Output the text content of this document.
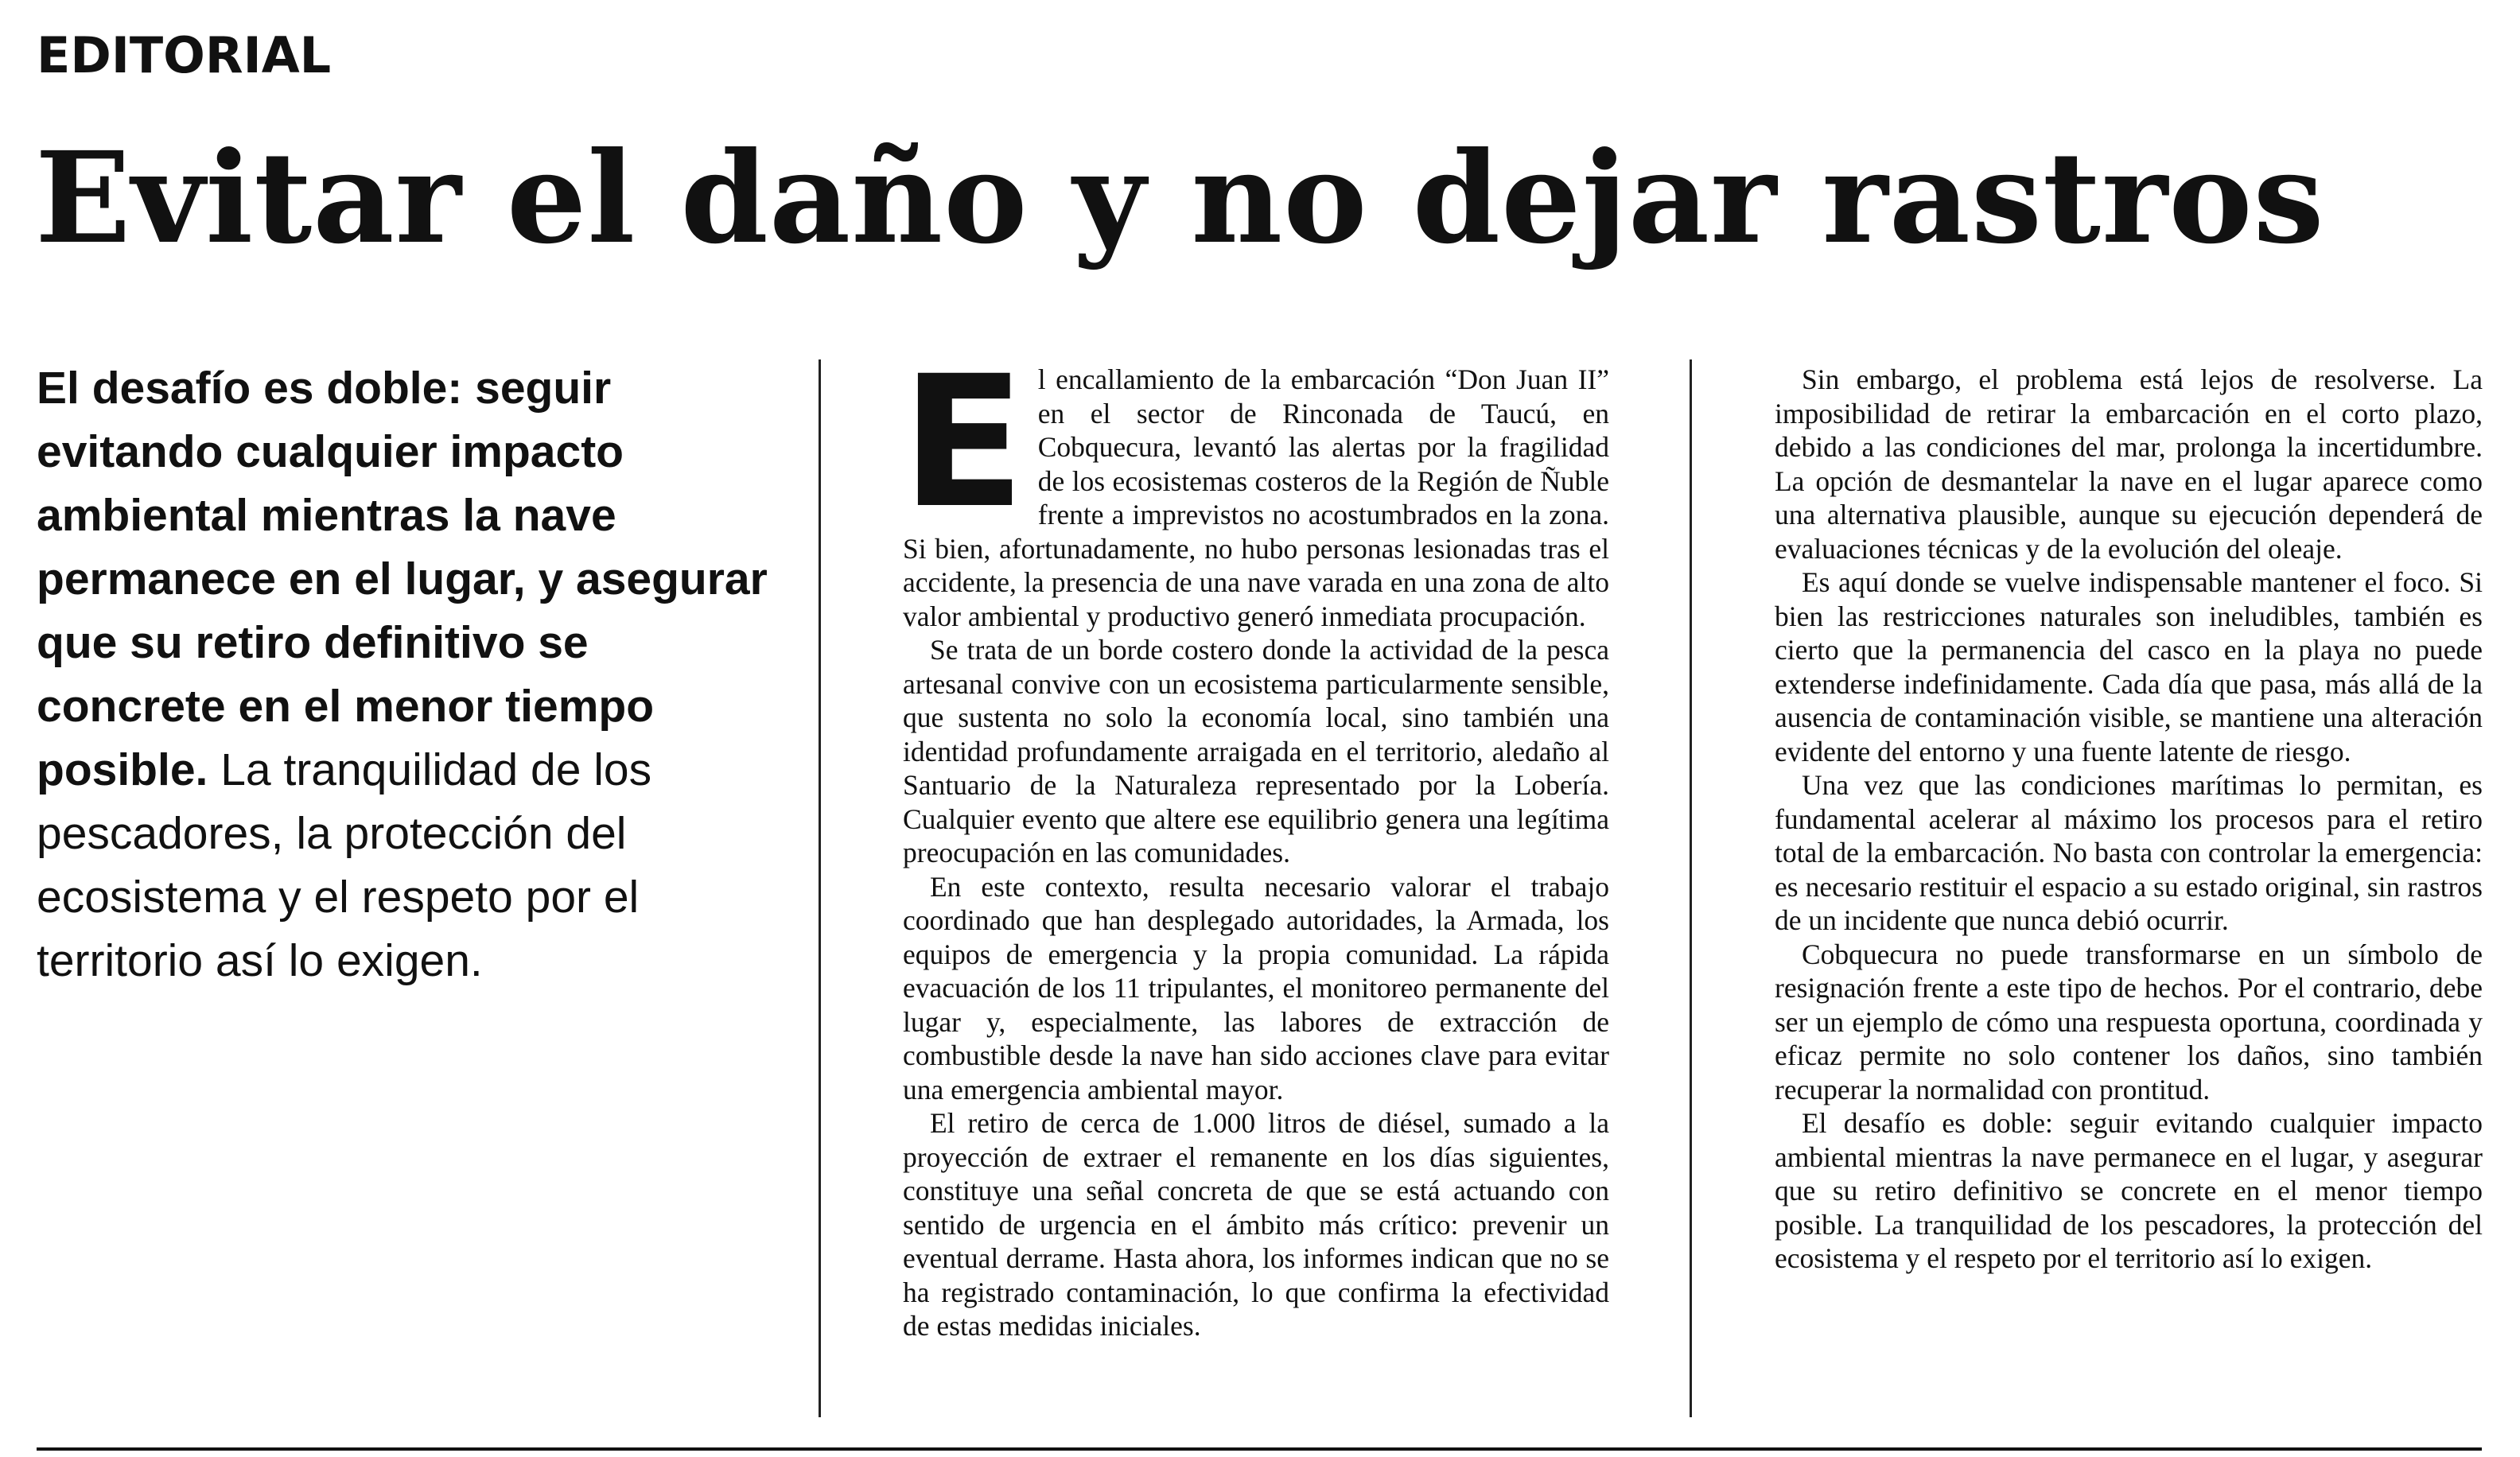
EDITORIAL
Evitar el daño y no dejar rastros

El desafío es doble: seguir evitando cualquier impacto ambiental mientras la nave permanece en el lugar, y asegurar que su retiro definitivo se concrete en el menor tiempo posible. La tranquilidad de los pescadores, la protección del ecosistema y el respeto por el territorio así lo exigen.

E l encallamiento de la embarcación “Don Juan II” en el sector de Rinconada de Taucú, en Cobquecura, levantó las alertas por la fragilidad de los ecosistemas costeros de la Región de Ñuble frente a imprevistos no acostumbrados en la zona. Si bien, afortunadamente, no hubo personas lesionadas tras el accidente, la presencia de una nave varada en una zona de alto valor ambiental y productivo generó inmediata procupación.

Se trata de un borde costero donde la actividad de la pesca artesanal convive con un ecosistema particularmente sensible, que sustenta no solo la economía local, sino también una identidad profundamente arraigada en el territorio, aledaño al Santuario de la Naturaleza representado por la Lobería. Cualquier evento que altere ese equilibrio genera una legítima preocupación en las comunidades.

En este contexto, resulta necesario valorar el trabajo coordinado que han desplegado autoridades, la Armada, los equipos de emergencia y la propia comunidad. La rápida evacuación de los 11 tripulantes, el monitoreo permanente del lugar y, especialmente, las labores de extracción de combustible desde la nave han sido acciones clave para evitar una emergencia ambiental mayor.

El retiro de cerca de 1.000 litros de diésel, sumado a la proyección de extraer el remanente en los días siguientes, constituye una señal concreta de que se está actuando con sentido de urgencia en el ámbito más crítico: prevenir un eventual derrame. Hasta ahora, los informes indican que no se ha registrado contaminación, lo que confirma la efectividad de estas medidas iniciales.

Sin embargo, el problema está lejos de resolverse. La imposibilidad de retirar la embarcación en el corto plazo, debido a las condiciones del mar, prolonga la incertidumbre. La opción de desmantelar la nave en el lugar aparece como una alternativa plausible, aunque su ejecución dependerá de evaluaciones técnicas y de la evolución del oleaje.

Es aquí donde se vuelve indispensable mantener el foco. Si bien las restricciones naturales son ineludibles, también es cierto que la permanencia del casco en la playa no puede extenderse indefinidamente. Cada día que pasa, más allá de la ausencia de contaminación visible, se mantiene una alteración evidente del entorno y una fuente latente de riesgo.

Una vez que las condiciones marítimas lo permitan, es fundamental acelerar al máximo los procesos para el retiro total de la embarcación. No basta con controlar la emergencia: es necesario restituir el espacio a su estado original, sin rastros de un incidente que nunca debió ocurrir.

Cobquecura no puede transformarse en un símbolo de resignación frente a este tipo de hechos. Por el contrario, debe ser un ejemplo de cómo una respuesta oportuna, coordinada y eficaz permite no solo contener los daños, sino también recuperar la normalidad con prontitud.

El desafío es doble: seguir evitando cualquier impacto ambiental mientras la nave permanece en el lugar, y asegurar que su retiro definitivo se concrete en el menor tiempo posible. La tranquilidad de los pescadores, la protección del ecosistema y el respeto por el territorio así lo exigen.
